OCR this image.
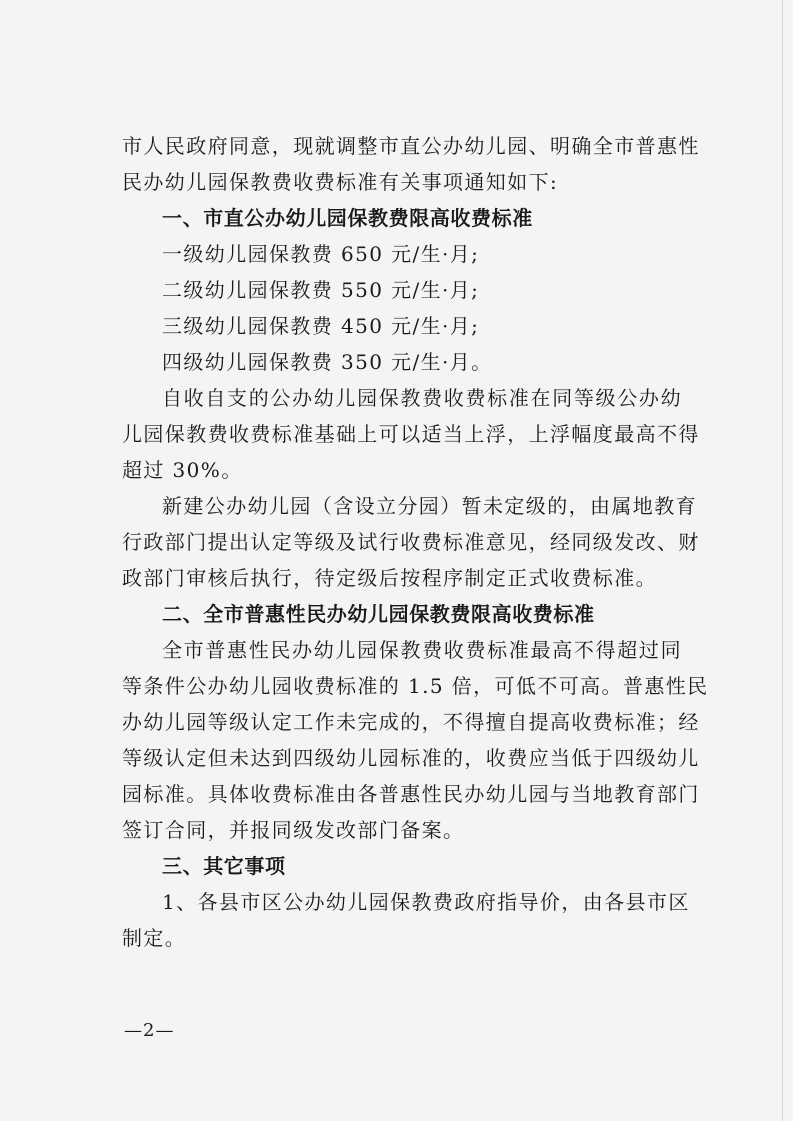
市人民政府同意，现就调整市直公办幼儿园、明确全市普惠性
民办幼儿园保教费收费标准有关事项通知如下:
一、市直公办幼儿园保教费限高收费标准
一级幼儿园保教费 650 元/生·月;
二级幼儿园保教费 550 元/生·月;
三级幼儿园保教费 450 元/生·月;
四级幼儿园保教费 350 元/生·月。
自收自支的公办幼儿园保教费收费标准在同等级公办幼
儿园保教费收费标准基础上可以适当上浮，上浮幅度最高不得
超过 30%。
新建公办幼儿园（含设立分园）暂未定级的，由属地教育
行政部门提出认定等级及试行收费标准意见，经同级发改、财
政部门审核后执行，待定级后按程序制定正式收费标准。
二、全市普惠性民办幼儿园保教费限高收费标准
全市普惠性民办幼儿园保教费收费标准最高不得超过同
等条件公办幼儿园收费标准的 1.5 倍，可低不可高。普惠性民
办幼儿园等级认定工作未完成的，不得擅自提高收费标准；经
等级认定但未达到四级幼儿园标准的，收费应当低于四级幼儿
园标准。具体收费标准由各普惠性民办幼儿园与当地教育部门
签订合同，并报同级发改部门备案。
三、其它事项
1、各县市区公办幼儿园保教费政府指导价，由各县市区
制定。
—2—
